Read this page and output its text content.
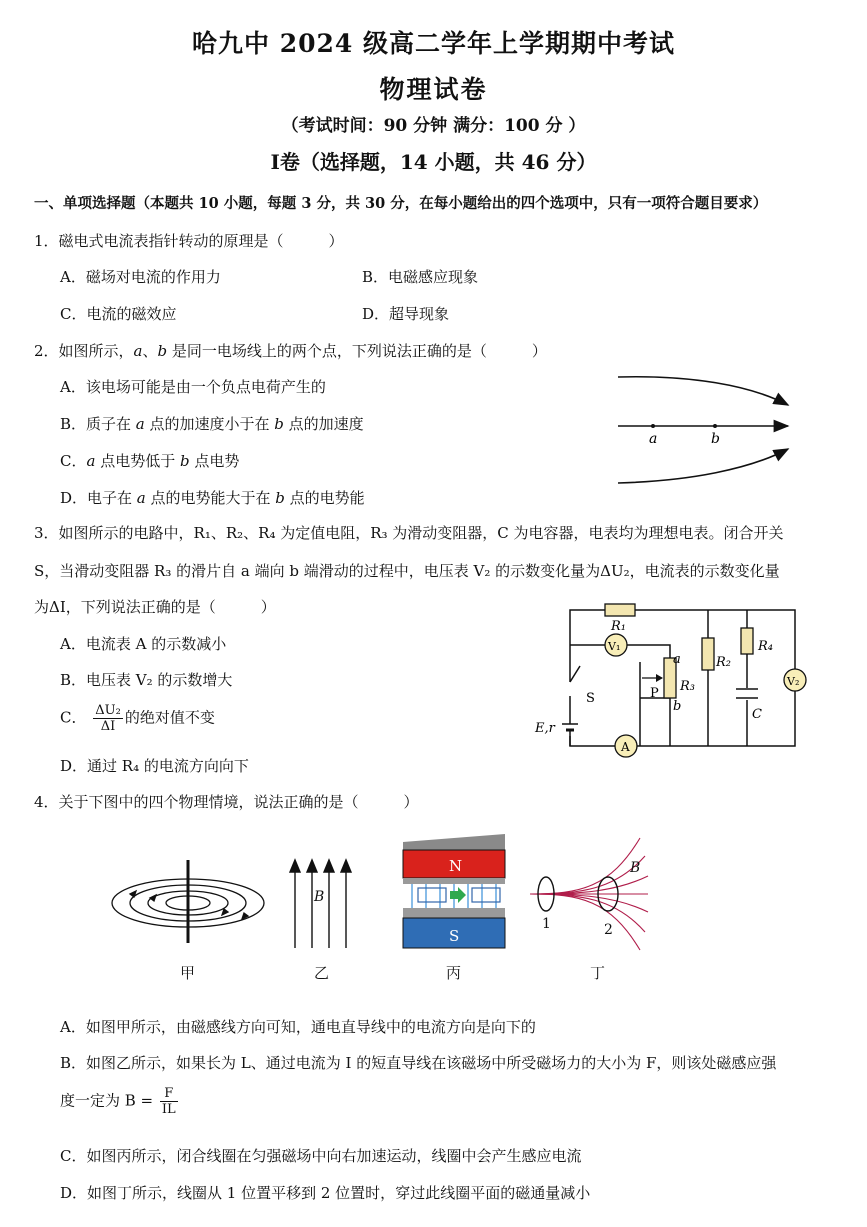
哈九中 2024 级高二学年上学期期中考试
物理试卷
（考试时间：90 分钟 满分：100 分 ）
I卷（选择题，14 小题，共 46 分）
一、单项选择题（本题共 10 小题，每题 3 分，共 30 分，在每小题给出的四个选项中，只有一项符合题目要求）
1．磁电式电流表指针转动的原理是（　　　）
A．磁场对电流的作用力	B．电磁感应现象
C．电流的磁效应	D．超导现象
2．如图所示，a、b 是同一电场线上的两个点，下列说法正确的是（　　　）
A．该电场可能是由一个负点电荷产生的
B．质子在 a 点的加速度小于在 b 点的加速度
C．a 点电势低于 b 点电势
D．电子在 a 点的电势能大于在 b 点的电势能
a	b
3．如图所示的电路中，R₁、R₂、R₄ 为定值电阻，R₃ 为滑动变阻器，C 为电容器，电表均为理想电表。闭合开关
S，当滑动变阻器 R₃ 的滑片自 a 端向 b 端滑动的过程中，电压表 V₂ 的示数变化量为ΔU₂，电流表的示数变化量
为ΔI，下列说法正确的是（　　　）
A．电流表 A 的示数减小
B．电压表 V₂ 的示数增大
C． $\frac{\text{ΔU₂}}{\Delta I}$ 的绝对值不变
D．通过 R₄ 的电流方向向下
R₁
V₁
V₂
A
R₃
a
b
P
R₂
R₄
C
S
E,r
4．关于下图中的四个物理情境，说法正确的是（　　　）
B
N
S
1	2
B
甲	乙	丙	丁
A．如图甲所示，由磁感线方向可知，通电直导线中的电流方向是向下的
B．如图乙所示，如果长为 L、通过电流为 I 的短直导线在该磁场中所受磁场力的大小为 F，则该处磁感应强
度一定为 $B = \frac{F}{IL}$
C．如图丙所示，闭合线圈在匀强磁场中向右加速运动，线圈中会产生感应电流
D．如图丁所示，线圈从 1 位置平移到 2 位置时，穿过此线圈平面的磁通量减小
